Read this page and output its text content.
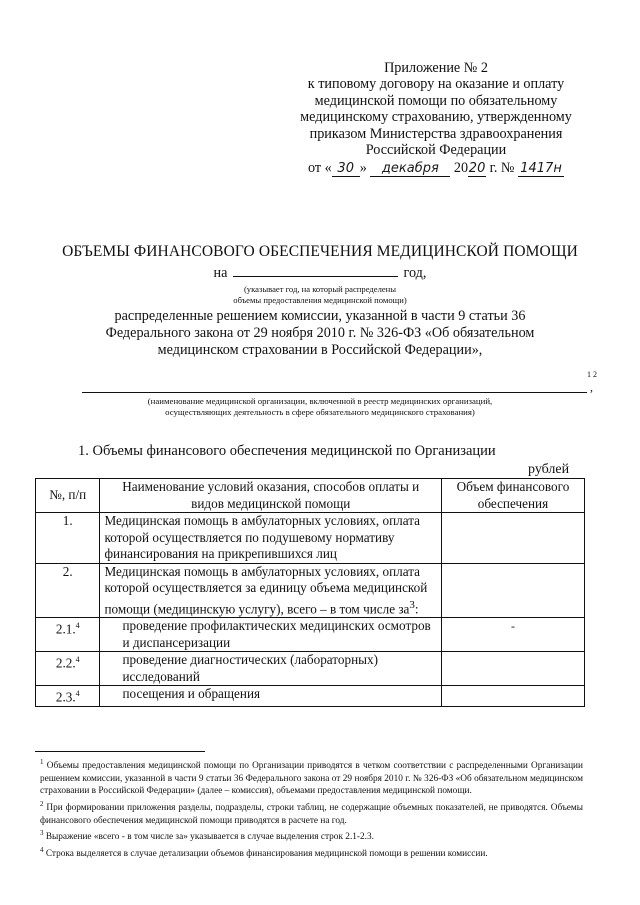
Приложение № 2
к типовому договору на оказание и оплату
медицинской помощи по обязательному
медицинскому страхованию, утвержденному
приказом Министерства здравоохранения
Российской Федерации
от « 30 » декабря 2020 г. № 1417н
ОБЪЕМЫ ФИНАНСОВОГО ОБЕСПЕЧЕНИЯ МЕДИЦИНСКОЙ ПОМОЩИ
на	год,
(указывает год, на который распределены
объемы предоставления медицинской помощи)
распределенные решением комиссии, указанной в части 9 статьи 36
Федерального закона от 29 ноября 2010 г. № 326-ФЗ «Об обязательном
медицинском страховании в Российской Федерации»,
1 2
,
(наименование медицинской организации, включенной в реестр медицинских организаций,
осуществляющих деятельность в сфере обязательного медицинского страхования)
1. Объемы финансового обеспечения медицинской по Организации
рублей
№, п/п	Наименование условий оказания, способов оплаты и видов медицинской помощи	Объем финансового обеспечения
1.	Медицинская помощь в амбулаторных условиях, оплата которой осуществляется по подушевому нормативу финансирования на прикрепившихся лиц	
2.	Медицинская помощь в амбулаторных условиях, оплата которой осуществляется за единицу объема медицинской помощи (медицинскую услугу), всего – в том числе $за^3$:	
2.1.$^4$	проведение профилактических медицинских осмотров и диспансеризации	-

2.2.$^4$	проведение диагностических (лабораторных) исследований	
2.3.$^4$	посещения и обращения	

$^1$ Объемы предоставления медицинской помощи по Организации приводятся в четком соответствии с распределенными Организации решением комиссии, указанной в части 9 статьи 36 Федерального закона от 29 ноября 2010 г. № 326-ФЗ «Об обязательном медицинском страховании в Российской Федерации» (далее – комиссия), объемами предоставления медицинской помощи.

$^2$ При формировании приложения разделы, подразделы, строки таблиц, не содержащие объемных показателей, не приводятся. Объемы финансового обеспечения медицинской помощи приводятся в расчете на год.

$^3$ Выражение «всего - в том числе за» указывается в случае выделения строк 2.1-2.3.

$^4$ Строка выделяется в случае детализации объемов финансирования медицинской помощи в решении комиссии.
